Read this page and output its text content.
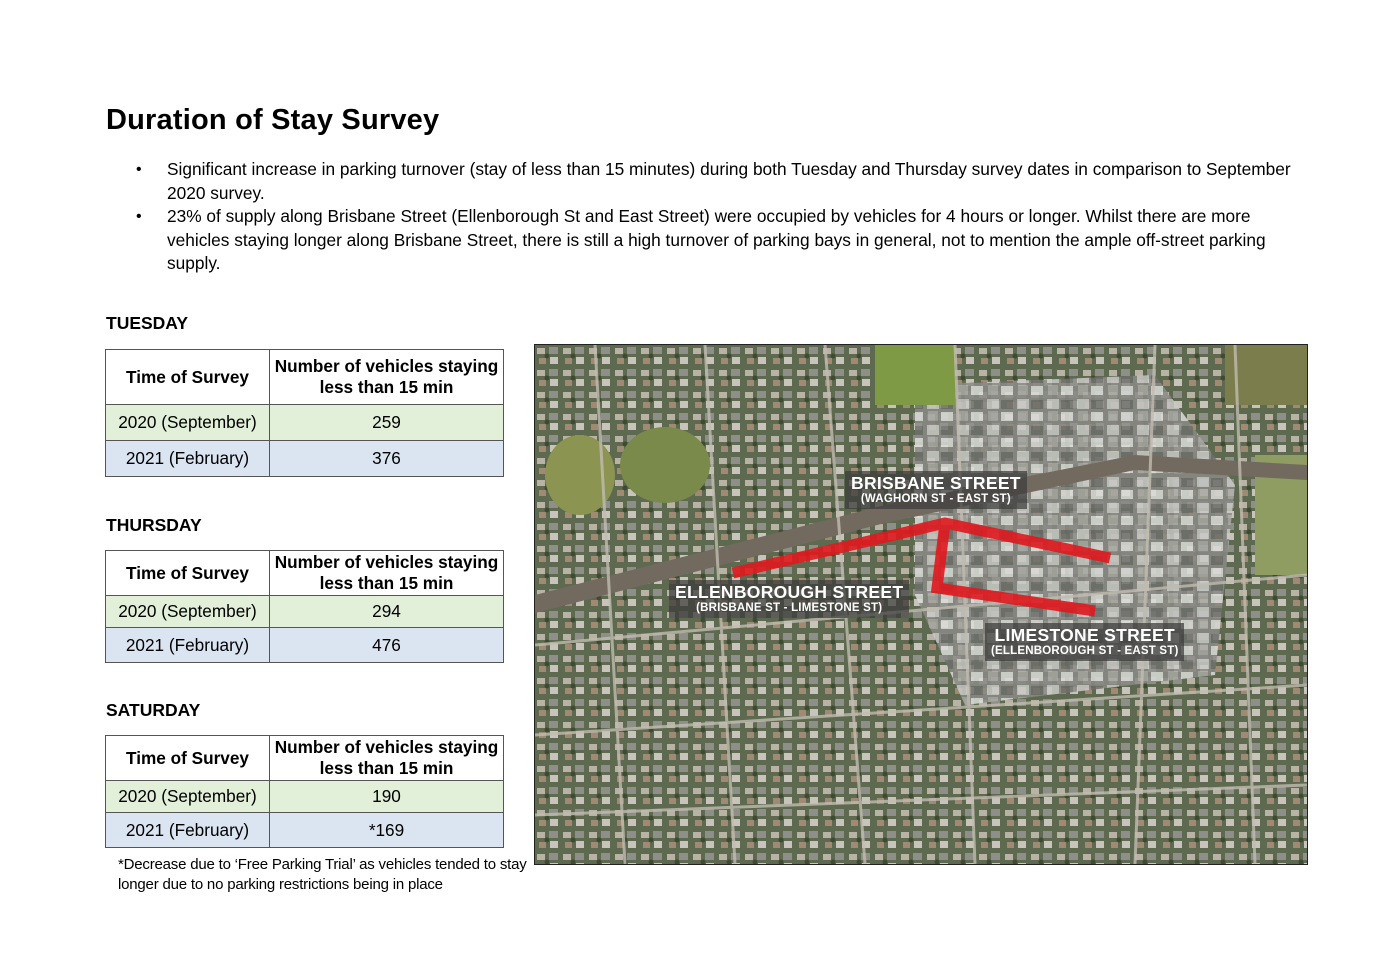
Duration of Stay Survey
• Significant increase in parking turnover (stay of less than 15 minutes) during both Tuesday and Thursday survey dates in comparison to September 2020 survey.
• 23% of supply along Brisbane Street (Ellenborough St and East Street) were occupied by vehicles for 4 hours or longer. Whilst there are more vehicles staying longer along Brisbane Street, there is still a high turnover of parking bays in general, not to mention the ample off-street parking supply.
TUESDAY
Time of Survey	Number of vehicles staying less than 15 min
2020 (September)	259
2021 (February)	376
THURSDAY
Time of Survey	Number of vehicles staying less than 15 min
2020 (September)	294
2021 (February)	476
SATURDAY
Time of Survey	Number of vehicles staying less than 15 min
2020 (September)	190
2021 (February)	*169
*Decrease due to ‘Free Parking Trial’ as vehicles tended to stay longer due to no parking restrictions being in place
BRISBANE STREET
(WAGHORN ST - EAST ST)
ELLENBOROUGH STREET
(BRISBANE ST - LIMESTONE ST)
LIMESTONE STREET
(ELLENBOROUGH ST - EAST ST)
